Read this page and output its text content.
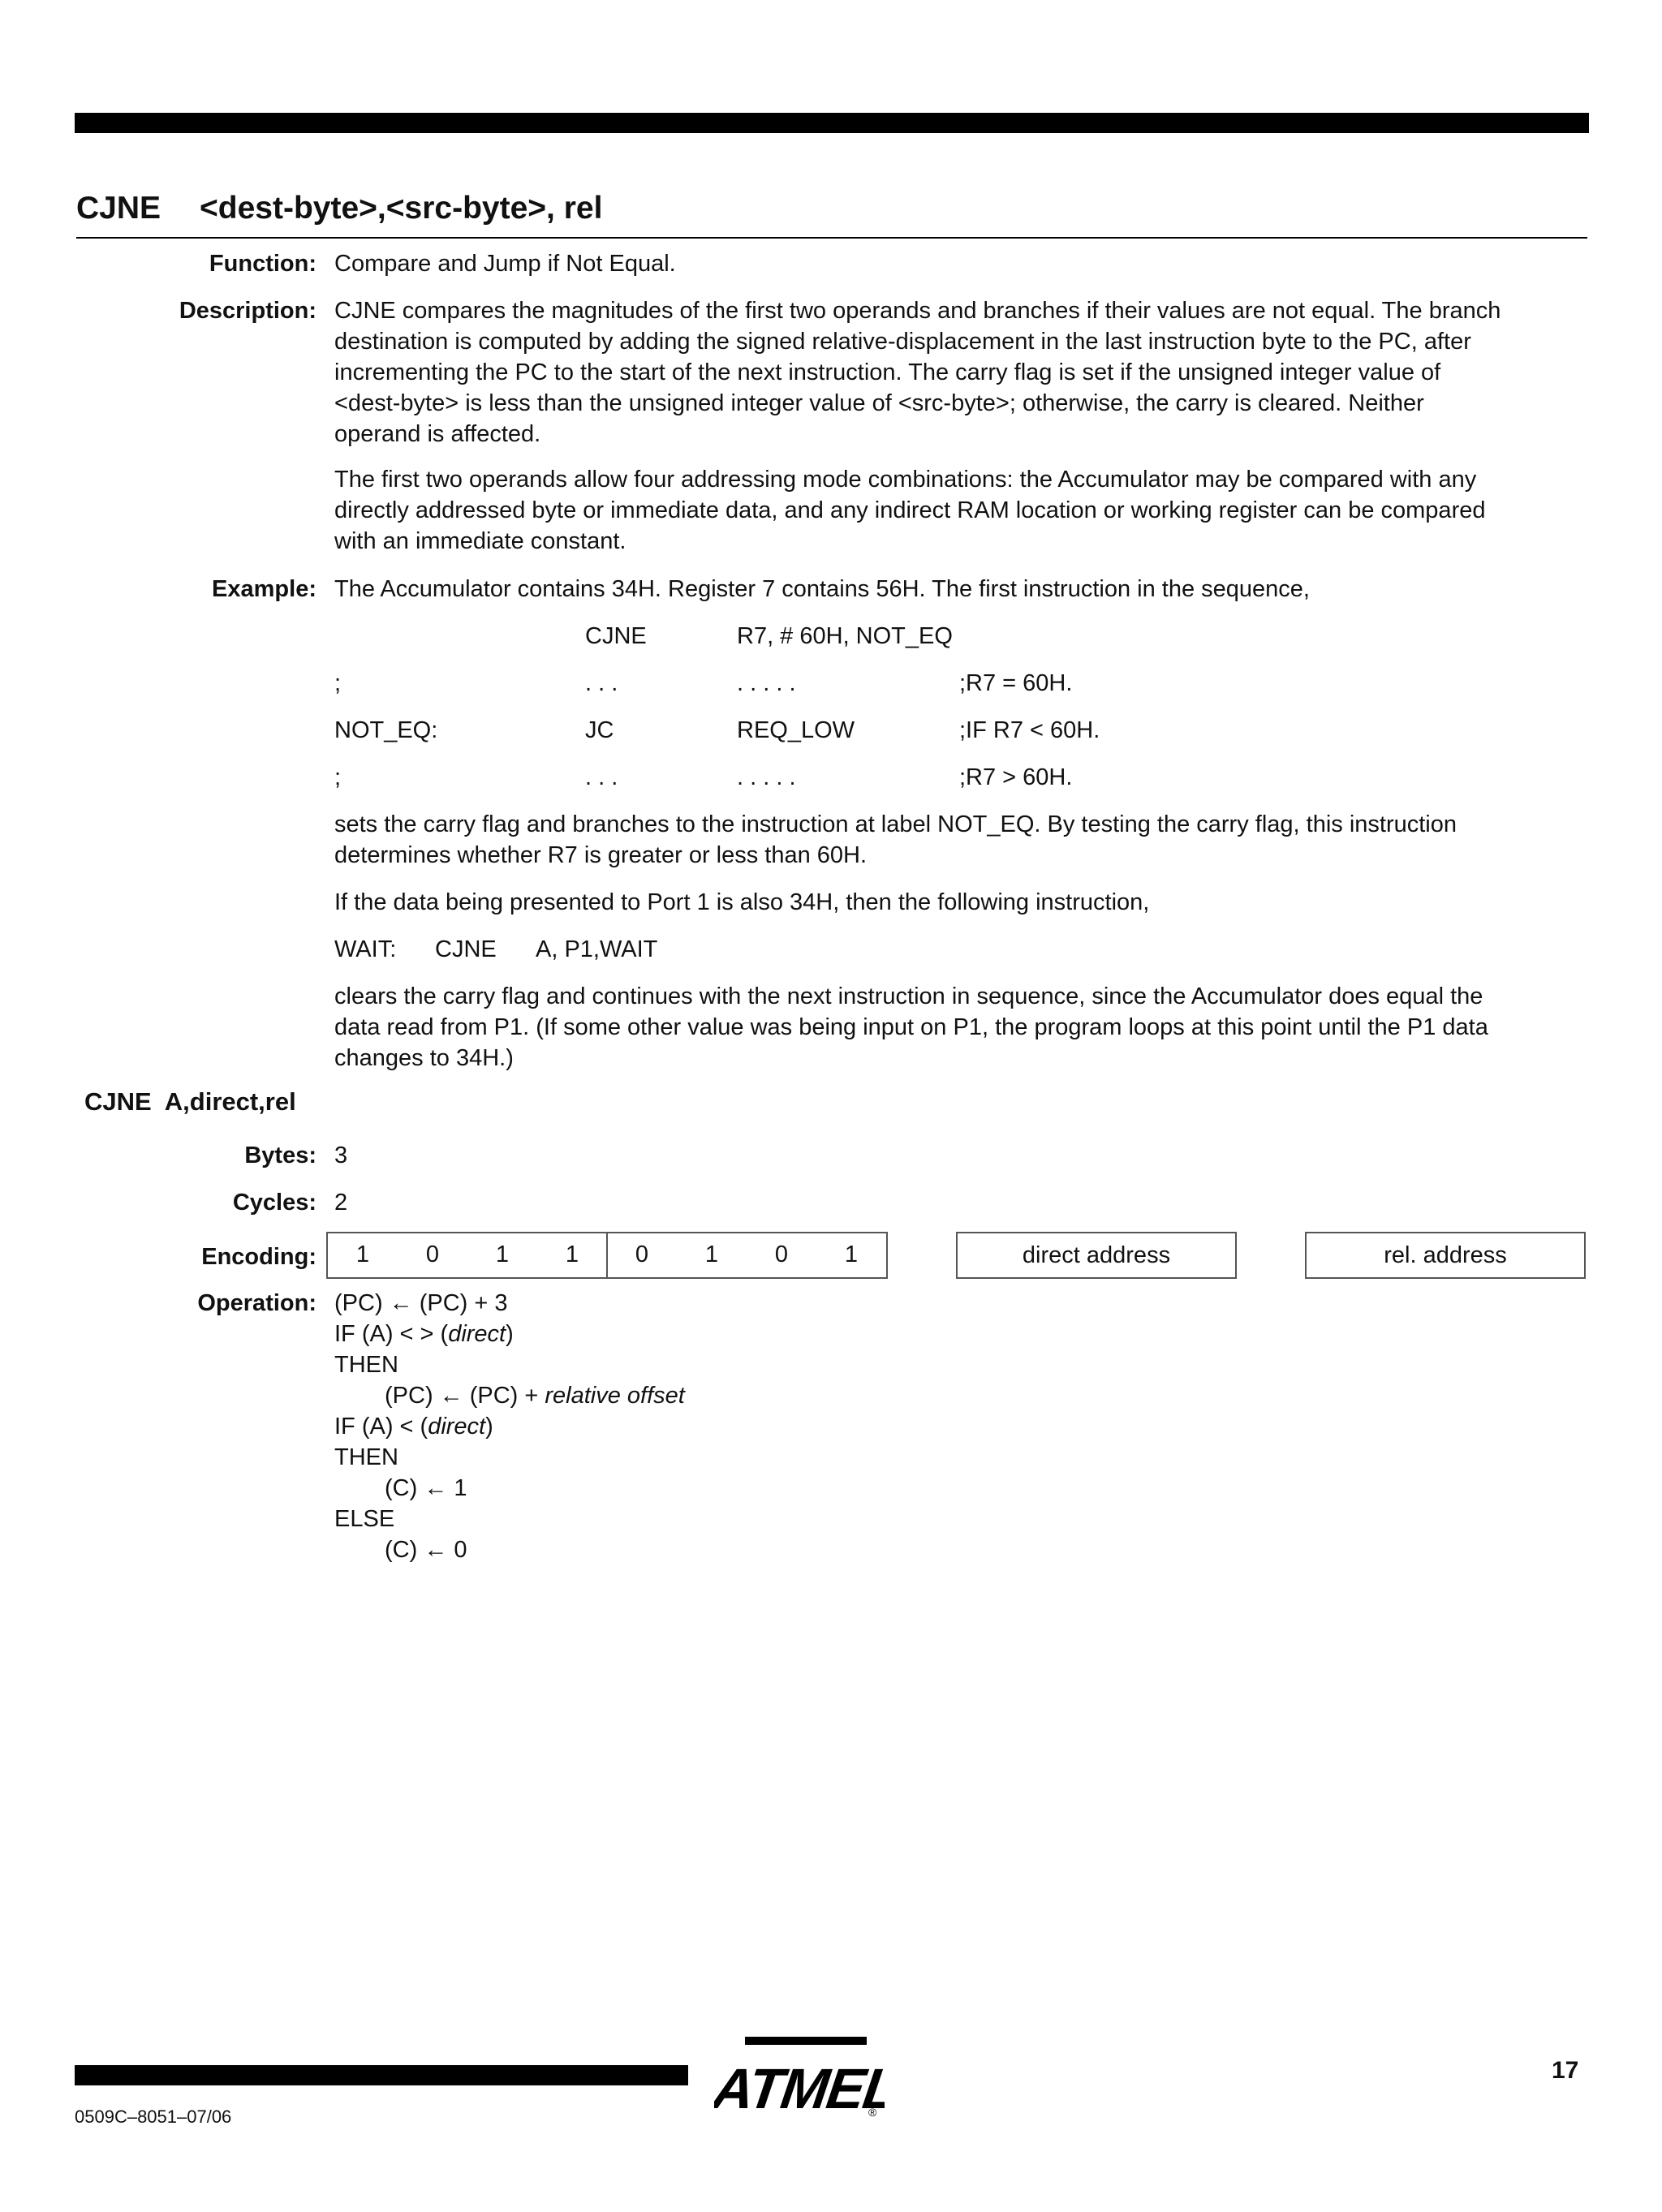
CJNE <dest-byte>,<src-byte>, rel
Function: Compare and Jump if Not Equal.
Description: CJNE compares the magnitudes of the first two operands and branches if their values are not equal. The branch
destination is computed by adding the signed relative-displacement in the last instruction byte to the PC, after
incrementing the PC to the start of the next instruction. The carry flag is set if the unsigned integer value of
<dest-byte> is less than the unsigned integer value of <src-byte>; otherwise, the carry is cleared. Neither
operand is affected.
The first two operands allow four addressing mode combinations: the Accumulator may be compared with any
directly addressed byte or immediate data, and any indirect RAM location or working register can be compared
with an immediate constant.
Example: The Accumulator contains 34H. Register 7 contains 56H. The first instruction in the sequence,
CJNE	R7, # 60H, NOT_EQ
;	. . .	. . . . .	;R7 = 60H.
NOT_EQ:	JC	REQ_LOW	;IF R7 < 60H.
;	. . .	. . . . .	;R7 > 60H.
sets the carry flag and branches to the instruction at label NOT_EQ. By testing the carry flag, this instruction
determines whether R7 is greater or less than 60H.
If the data being presented to Port 1 is also 34H, then the following instruction,
WAIT: CJNE A, P1,WAIT
clears the carry flag and continues with the next instruction in sequence, since the Accumulator does equal the
data read from P1. (If some other value was being input on P1, the program loops at this point until the P1 data
changes to 34H.)
CJNE  A,direct,rel
Bytes: 3
Cycles: 2
Encoding: 1 0 1 1 0 1 0 1	direct address	rel. address
Operation: (PC) ← (PC) + 3
IF (A) < > (direct)
THEN
(PC) ← (PC) + relative offset
IF (A) < (direct)
THEN
(C) ← 1
ELSE
(C) ← 0
0509C–8051–07/06
17
ATMEL
®
